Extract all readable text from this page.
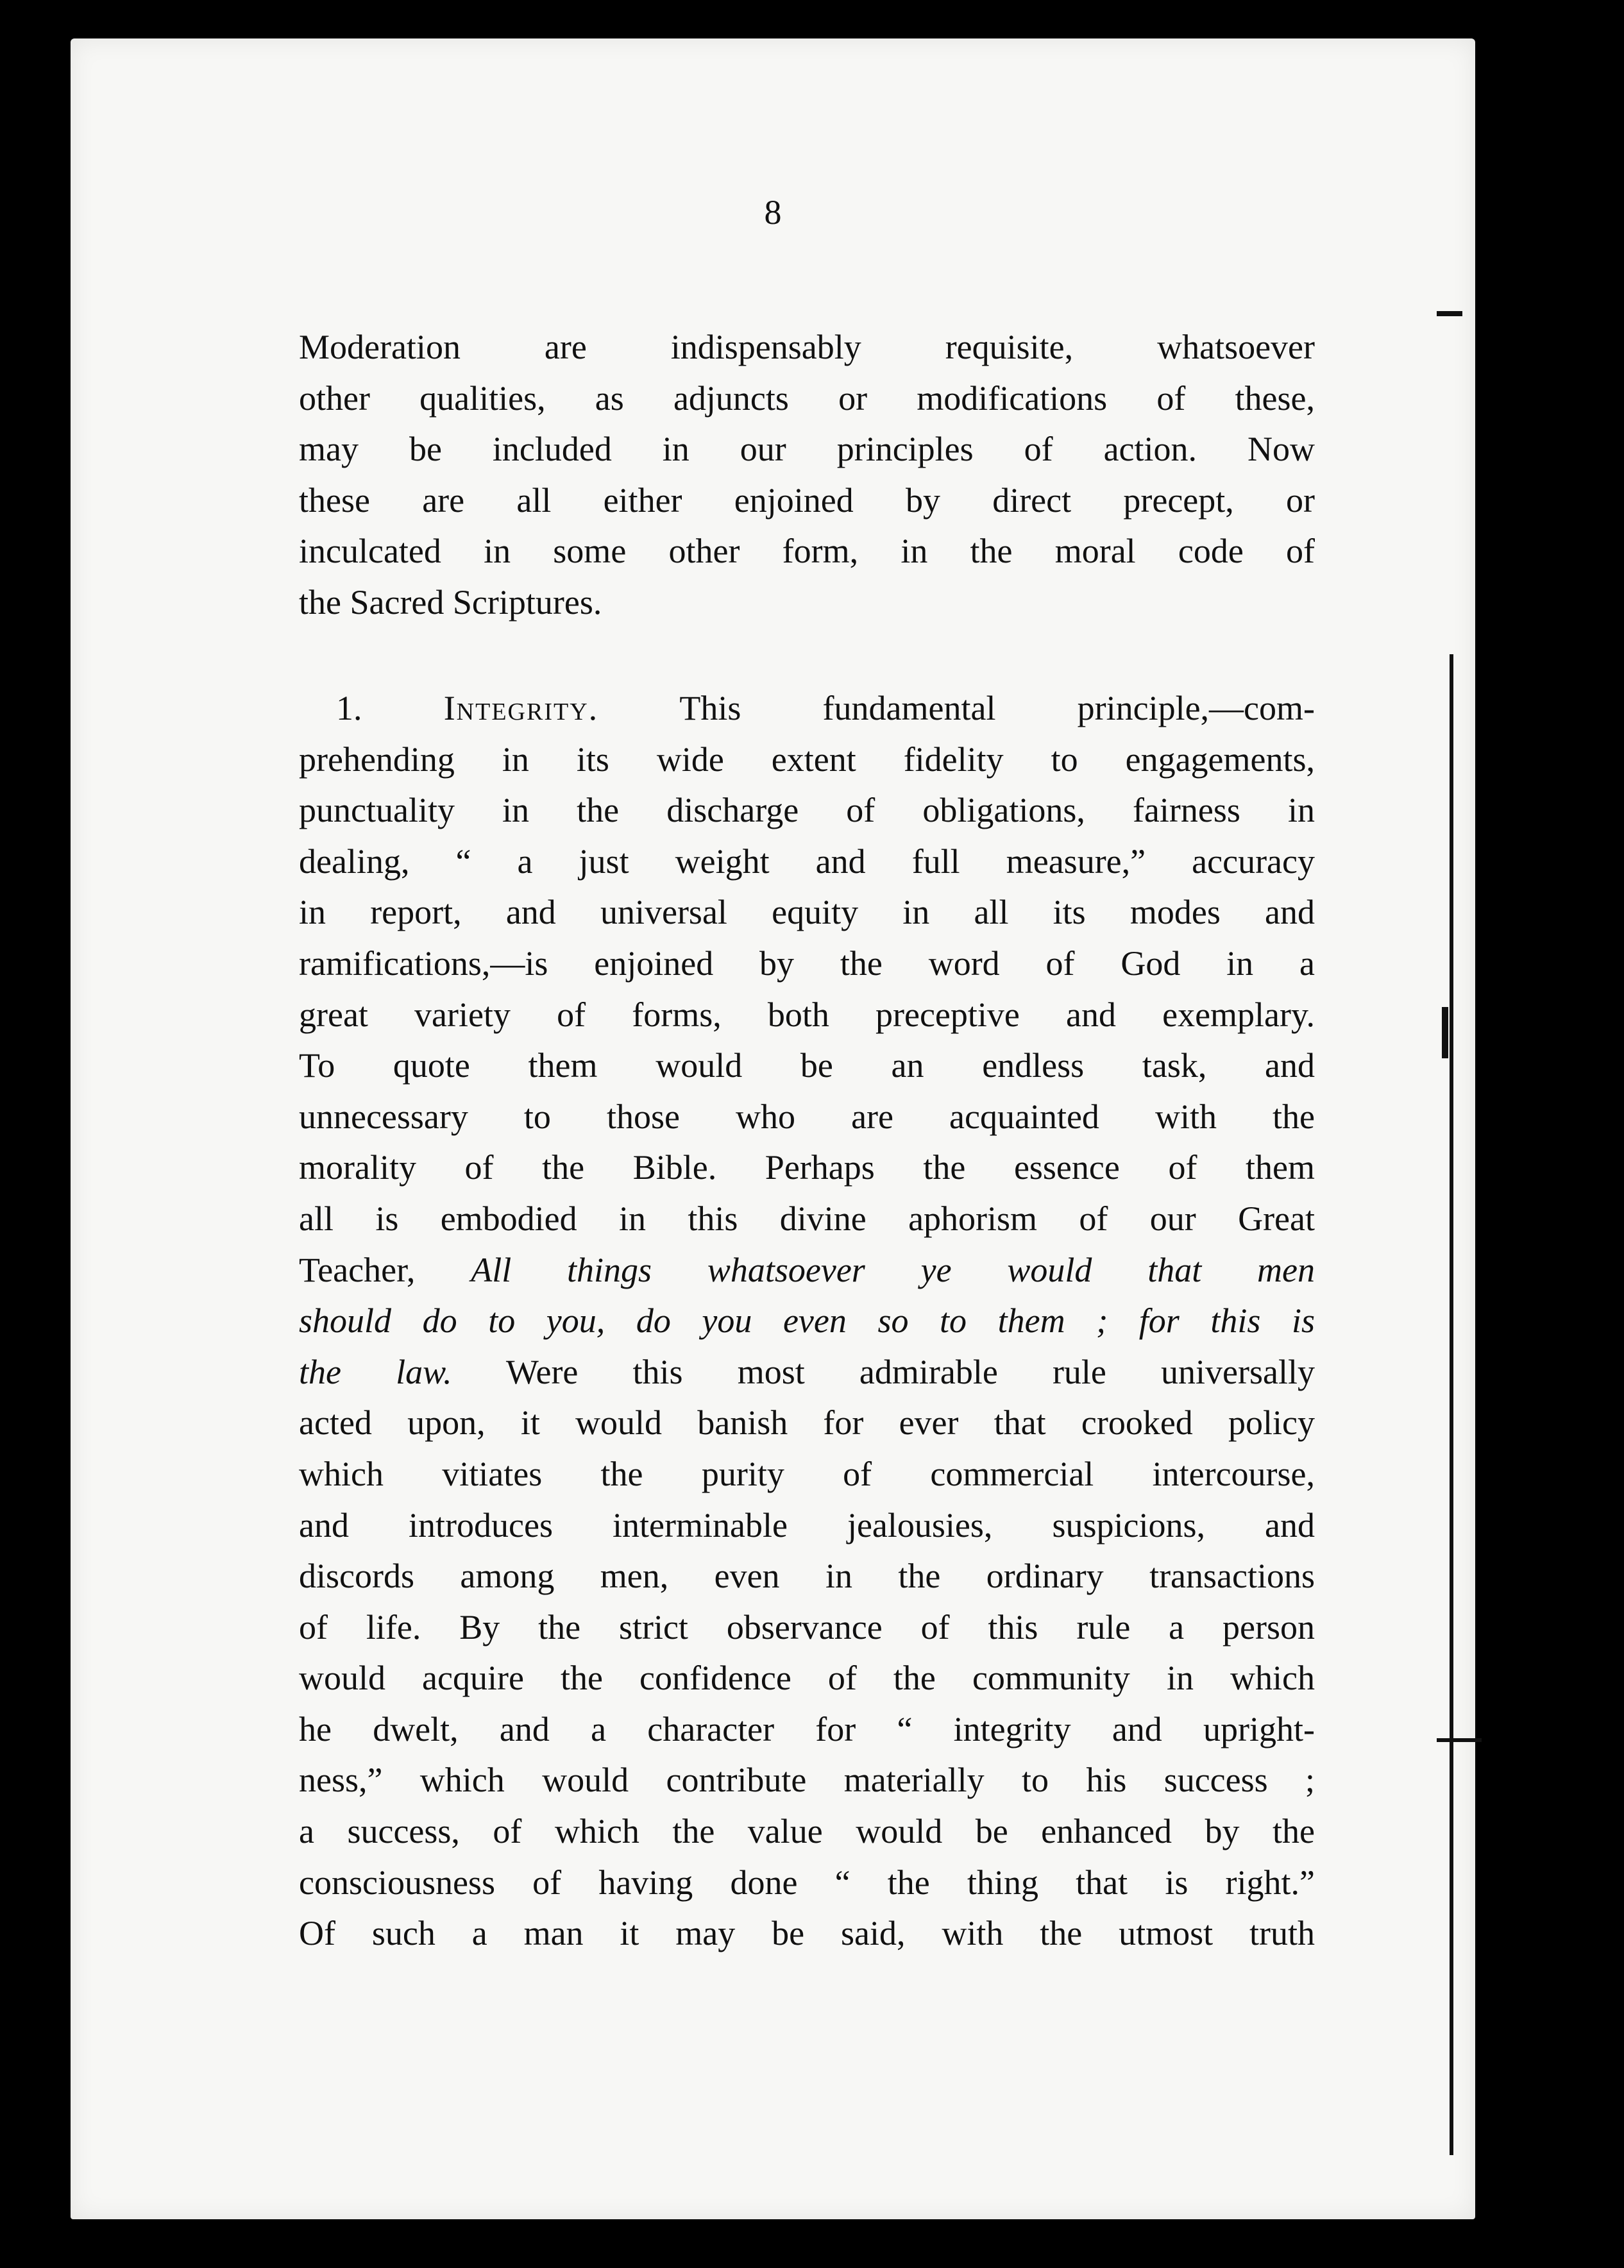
8

Moderation are indispensably requisite, whatsoever
other qualities, as adjuncts or modifications of these,
may be included in our principles of action. Now
these are all either enjoined by direct precept, or
inculcated in some other form, in the moral code of
the Sacred Scriptures.
1. Integrity. This fundamental principle,—com-
prehending in its wide extent fidelity to engagements,
punctuality in the discharge of obligations, fairness in
dealing, “ a just weight and full measure,” accuracy
in report, and universal equity in all its modes and
ramifications,—is enjoined by the word of God in a
great variety of forms, both preceptive and exemplary.
To quote them would be an endless task, and
unnecessary to those who are acquainted with the
morality of the Bible. Perhaps the essence of them
all is embodied in this divine aphorism of our Great
Teacher, All things whatsoever ye would that men
should do to you, do you even so to them ; for this is
the law. Were this most admirable rule universally
acted upon, it would banish for ever that crooked policy
which vitiates the purity of commercial intercourse,
and introduces interminable jealousies, suspicions, and
discords among men, even in the ordinary transactions
of life. By the strict observance of this rule a person
would acquire the confidence of the community in which
he dwelt, and a character for “ integrity and upright-
ness,” which would contribute materially to his success ;
a success, of which the value would be enhanced by the
consciousness of having done “ the thing that is right.”
Of such a man it may be said, with the utmost truth
